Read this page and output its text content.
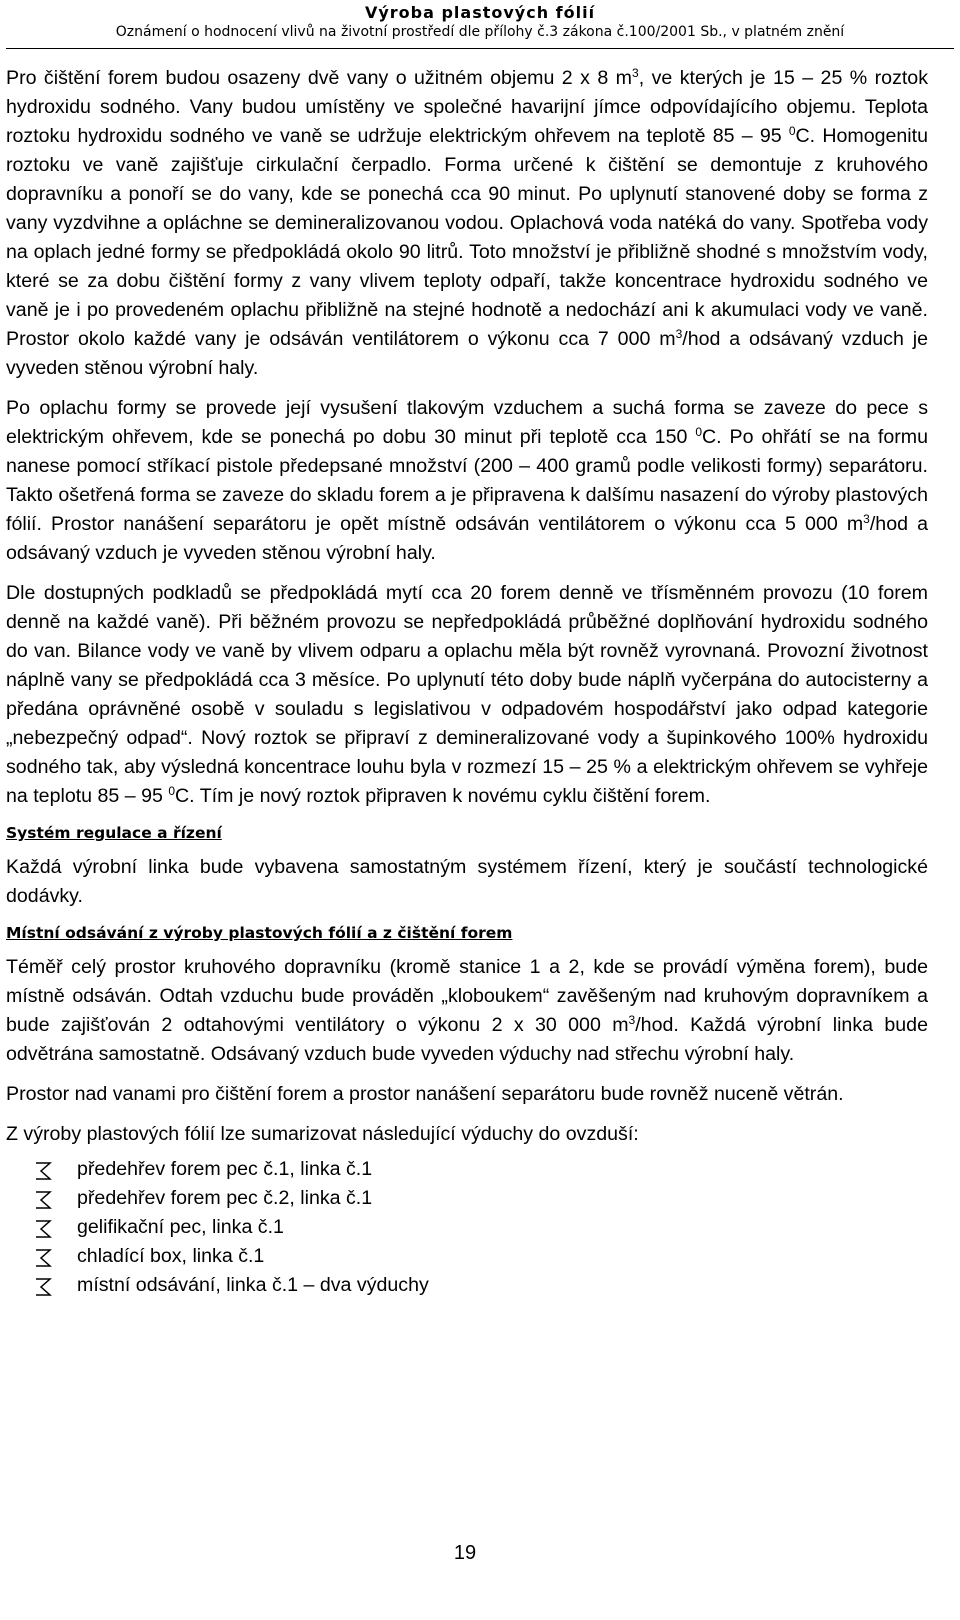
Výroba plastových fólií
Oznámení o hodnocení vlivů na životní prostředí dle přílohy č.3 zákona č.100/2001 Sb., v platném znění

Pro čištění forem budou osazeny dvě vany o užitném objemu 2 x 8 $m^3$, ve kterých je 15 – 25 % roztok hydroxidu sodného. Vany budou umístěny ve společné havarijní jímce odpovídajícího objemu. Teplota roztoku hydroxidu sodného ve vaně se udržuje elektrickým ohřevem na teplotě 85 – 95 $^0$C. Homogenitu roztoku ve vaně zajišťuje cirkulační čerpadlo. Forma určené k čištění se demontuje z kruhového dopravníku a ponoří se do vany, kde se ponechá cca 90 minut. Po uplynutí stanovené doby se forma z vany vyzdvihne a opláchne se demineralizovanou vodou. Oplachová voda natéká do vany. Spotřeba vody na oplach jedné formy se předpokládá okolo 90 litrů. Toto množství je přibližně shodné s množstvím vody, které se za dobu čištění formy z vany vlivem teploty odpaří, takže koncentrace hydroxidu sodného ve vaně je i po provedeném oplachu přibližně na stejné hodnotě a nedochází ani k akumulaci vody ve vaně. Prostor okolo každé vany je odsáván ventilátorem o výkonu cca 7 000 $m^3$/hod a odsávaný vzduch je vyveden stěnou výrobní haly.

Po oplachu formy se provede její vysušení tlakovým vzduchem a suchá forma se zaveze do pece s elektrickým ohřevem, kde se ponechá po dobu 30 minut při teplotě cca 150 $^0$C. Po ohřátí se na formu nanese pomocí stříkací pistole předepsané množství (200 – 400 gramů podle velikosti formy) separátoru. Takto ošetřená forma se zaveze do skladu forem a je připravena k dalšímu nasazení do výroby plastových fólií. Prostor nanášení separátoru je opět místně odsáván ventilátorem o výkonu cca 5 000 $m^3$/hod a odsávaný vzduch je vyveden stěnou výrobní haly.

Dle dostupných podkladů se předpokládá mytí cca 20 forem denně ve třísměnném provozu (10 forem denně na každé vaně). Při běžném provozu se nepředpokládá průběžné doplňování hydroxidu sodného do van. Bilance vody ve vaně by vlivem odparu a oplachu měla být rovněž vyrovnaná. Provozní životnost náplně vany se předpokládá cca 3 měsíce. Po uplynutí této doby bude náplň vyčerpána do autocisterny a předána oprávněné osobě v souladu s legislativou v odpadovém hospodářství jako odpad kategorie „nebezpečný odpad“. Nový roztok se připraví z demineralizované vody a šupinkového 100% hydroxidu sodného tak, aby výsledná koncentrace louhu byla v rozmezí 15 – 25 % a elektrickým ohřevem se vyhřeje na teplotu 85 – 95 $^0$C. Tím je nový roztok připraven k novému cyklu čištění forem.

Systém regulace a řízení

Každá výrobní linka bude vybavena samostatným systémem řízení, který je součástí technologické dodávky.

Místní odsávání z výroby plastových fólií a z čištění forem

Téměř celý prostor kruhového dopravníku (kromě stanice 1 a 2, kde se provádí výměna forem), bude místně odsáván. Odtah vzduchu bude prováděn „kloboukem“ zavěšeným nad kruhovým dopravníkem a bude zajišťován 2 odtahovými ventilátory o výkonu 2 x 30 000 $m^3$/hod. Každá výrobní linka bude odvětrána samostatně. Odsávaný vzduch bude vyveden výduchy nad střechu výrobní haly.

Prostor nad vanami pro čištění forem a prostor nanášení separátoru bude rovněž nuceně větrán.

Z výroby plastových fólií lze sumarizovat následující výduchy do ovzduší:

předehřev forem pec č.1, linka č.1
předehřev forem pec č.2, linka č.1
gelifikační pec, linka č.1
chladící box, linka č.1
místní odsávání, linka č.1 – dva výduchy
19
